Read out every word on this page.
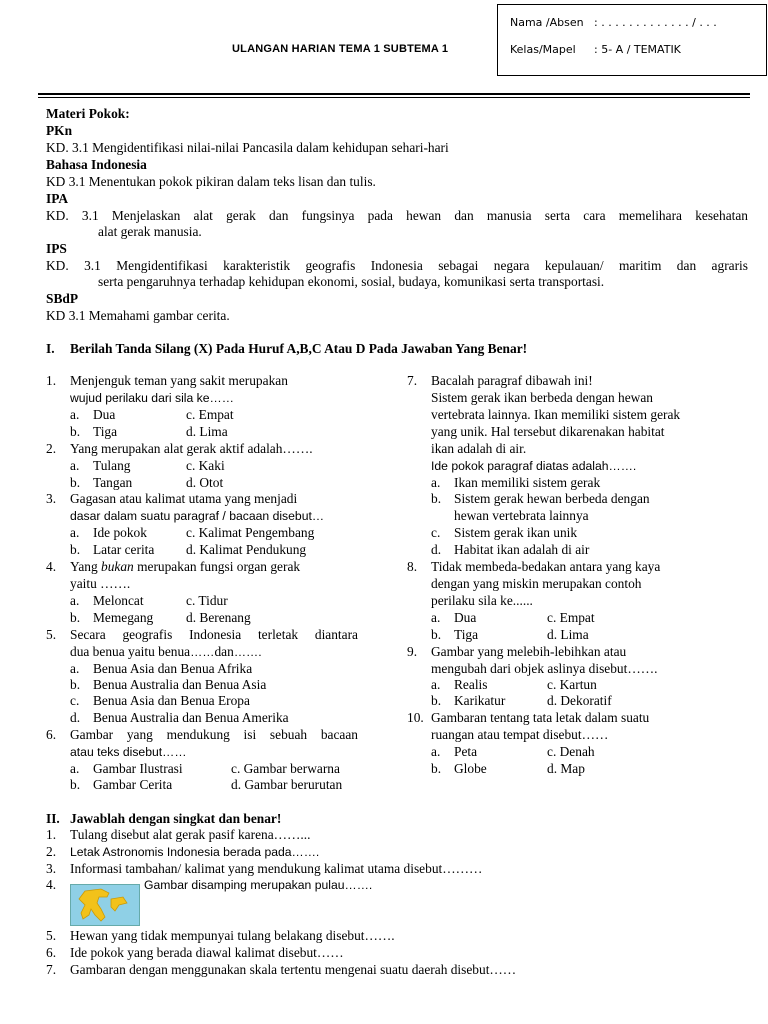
ULANGAN HARIAN TEMA 1 SUBTEMA 1
Nama /Absen : . . . . . . . . . . . . . / . . .
Kelas/Mapel : 5- A / TEMATIK
Materi Pokok:
PKn
KD. 3.1 Mengidentifikasi nilai-nilai Pancasila dalam kehidupan sehari-hari
Bahasa Indonesia
KD 3.1 Menentukan pokok pikiran dalam teks lisan dan tulis.
IPA
KD. 3.1 Menjelaskan alat gerak dan fungsinya pada hewan dan manusia serta cara memelihara kesehatan
alat gerak manusia.
IPS
KD. 3.1 Mengidentifikasi karakteristik geografis Indonesia sebagai negara kepulauan/ maritim dan agraris
serta pengaruhnya terhadap kehidupan ekonomi, sosial, budaya, komunikasi serta transportasi.
SBdP
KD 3.1 Memahami gambar cerita.
I. Berilah Tanda Silang (X) Pada Huruf A,B,C Atau D Pada Jawaban Yang Benar!
1. Menjenguk teman yang sakit merupakan
wujud perilaku dari sila ke……
a. Dua	c. Empat
b. Tiga	d. Lima
2. Yang merupakan alat gerak aktif adalah…….
a. Tulang	c. Kaki
b. Tangan	d. Otot
3. Gagasan atau kalimat utama yang menjadi
dasar dalam suatu paragraf / bacaan disebut…
a. Ide pokok	c. Kalimat Pengembang
b. Latar cerita d. Kalimat Pendukung
4. Yang bukan merupakan fungsi organ gerak
yaitu …….
a. Meloncat	c. Tidur
b. Memegang d. Berenang
5. Secara geografis Indonesia terletak diantara
dua benua yaitu benua……dan…….
a. Benua Asia dan Benua Afrika
b. Benua Australia dan Benua Asia
c. Benua Asia dan Benua Eropa
d. Benua Australia dan Benua Amerika
6. Gambar yang mendukung isi sebuah bacaan
atau teks disebut……
a. Gambar Ilustrasi	c. Gambar berwarna
b. Gambar Cerita	d. Gambar berurutan
7. Bacalah paragraf dibawah ini!
Sistem gerak ikan berbeda dengan hewan
vertebrata lainnya. Ikan memiliki sistem gerak
yang unik. Hal tersebut dikarenakan habitat
ikan adalah di air.
Ide pokok paragraf diatas adalah…….
a. Ikan memiliki sistem gerak
b. Sistem gerak hewan berbeda dengan
hewan vertebrata lainnya
c. Sistem gerak ikan unik
d. Habitat ikan adalah di air
8. Tidak membeda-bedakan antara yang kaya
dengan yang miskin merupakan contoh
perilaku sila ke......
a. Dua	c. Empat
b. Tiga	d. Lima
9. Gambar yang melebih-lebihkan atau
mengubah dari objek aslinya disebut…….
a. Realis	c. Kartun
b. Karikatur	d. Dekoratif
10. Gambaran tentang tata letak dalam suatu
ruangan atau tempat disebut……
a. Peta	c. Denah
b. Globe	d. Map
II. Jawablah dengan singkat dan benar!
1. Tulang disebut alat gerak pasif karena……...
2. Letak Astronomis Indonesia berada pada…….
3. Informasi tambahan/ kalimat yang mendukung kalimat utama disebut………
4.	Gambar disamping merupakan pulau…….
5. Hewan yang tidak mempunyai tulang belakang disebut…….
6. Ide pokok yang berada diawal kalimat disebut……
7. Gambaran dengan menggunakan skala tertentu mengenai suatu daerah disebut……
